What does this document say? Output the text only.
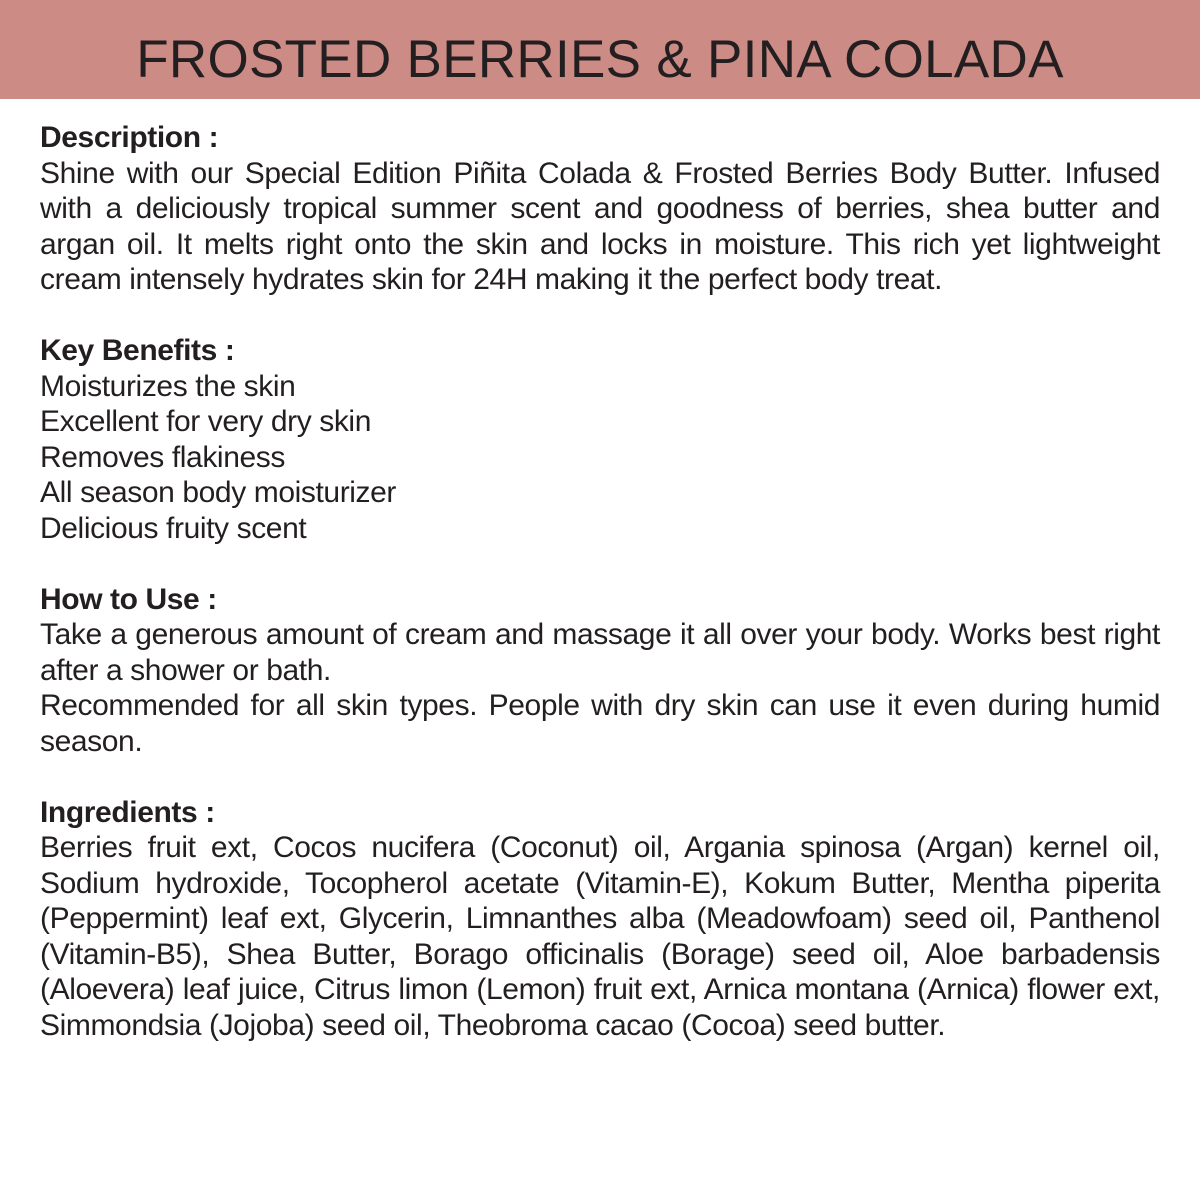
FROSTED BERRIES & PINA COLADA

Description :

Shine with our Special Edition Piñita Colada & Frosted Berries Body Butter. Infused with a deliciously tropical summer scent and goodness of berries, shea butter and argan oil. It melts right onto the skin and locks in moisture. This rich yet lightweight cream intensely hydrates skin for 24H making it the perfect body treat.

Key Benefits :

Moisturizes the skin

Excellent for very dry skin

Removes flakiness

All season body moisturizer

Delicious fruity scent

How to Use :

Take a generous amount of cream and massage it all over your body. Works best right after a shower or bath.

Recommended for all skin types. People with dry skin can use it even during humid season.

Ingredients :

Berries fruit ext, Cocos nucifera (Coconut) oil, Argania spinosa (Argan) kernel oil, Sodium hydroxide, Tocopherol acetate (Vitamin-E), Kokum Butter, Mentha piperita (Peppermint) leaf ext, Glycerin, Limnanthes alba (Meadowfoam) seed oil, Panthenol (Vitamin-B5), Shea Butter, Borago officinalis (Borage) seed oil, Aloe barbadensis (Aloevera) leaf juice, Citrus limon (Lemon) fruit ext, Arnica montana (Arnica) flower ext, Simmondsia (Jojoba) seed oil, Theobroma cacao (Cocoa) seed butter.
